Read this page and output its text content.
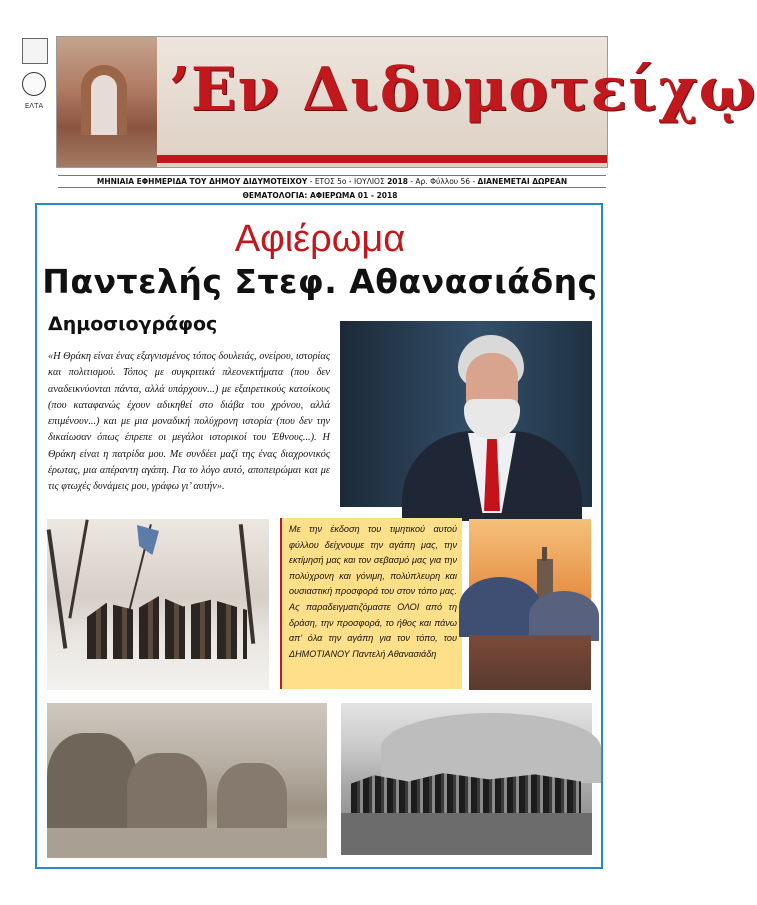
ΕΛΤΑ ’Εν Διδυμοτείχῳ
ΜΗΝΙΑΙΑ ΕΦΗΜΕΡΙΔΑ ΤΟΥ ΔΗΜΟΥ ΔΙΔΥΜΟΤΕΙΧΟΥ - ΕΤΟΣ 5ο - ΙΟΥΛΙΟΣ 2018 - Αρ. Φύλλου 56 - ΔΙΑΝΕΜΕΤΑΙ ΔΩΡΕΑΝ
ΘΕΜΑΤΟΛΟΓΙΑ: ΑΦΙΕΡΩΜΑ 01 - 2018
Αφιέρωμα
Παντελής Στεφ. Αθανασιάδης
Δημοσιογράφος
«Η Θράκη είναι ένας εξαγνισμένος τόπος δουλειάς, ονείρου, ιστορίας και πολιτισμού. Τόπος με συγκριτικά πλεονεκτήματα (που δεν αναδεικνύονται πάντα, αλλά υπάρχουν...) με εξαιρετικούς κατοίκους (που καταφανώς έχουν αδικηθεί στο διάβα του χρόνου, αλλά επιμένουν...) και με μια μοναδική πολύχρονη ιστορία (που δεν την δικαίωσαν όπως έπρεπε οι μεγάλοι ιστορικοί του Έθνους...). Η Θράκη είναι η πατρίδα μου. Με συνδέει μαζί της ένας διαχρονικός έρωτας, μια απέραντη αγάπη. Για το λόγο αυτό, αποπειρώμαι και με τις φτωχές δυνάμεις μου, γράφω γι’ αυτήν».
Με την έκδοση του τιμητικού αυτού φύλλου δείχνουμε την αγάπη μας, την εκτίμησή μας και τον σεβασμό μας για την πολύχρονη και γόνιμη, πολύπλευρη και ουσιαστική προσφορά του στον τόπο μας. Ας παραδειγματιζόμαστε ΟΛΟΙ από τη δράση, την προσφορά, το ήθος και πάνω απ’ όλα την αγάπη για τον τόπο, του ΔΗΜΟΤΙΑΝΟΥ Παντελή Αθανασιάδη
